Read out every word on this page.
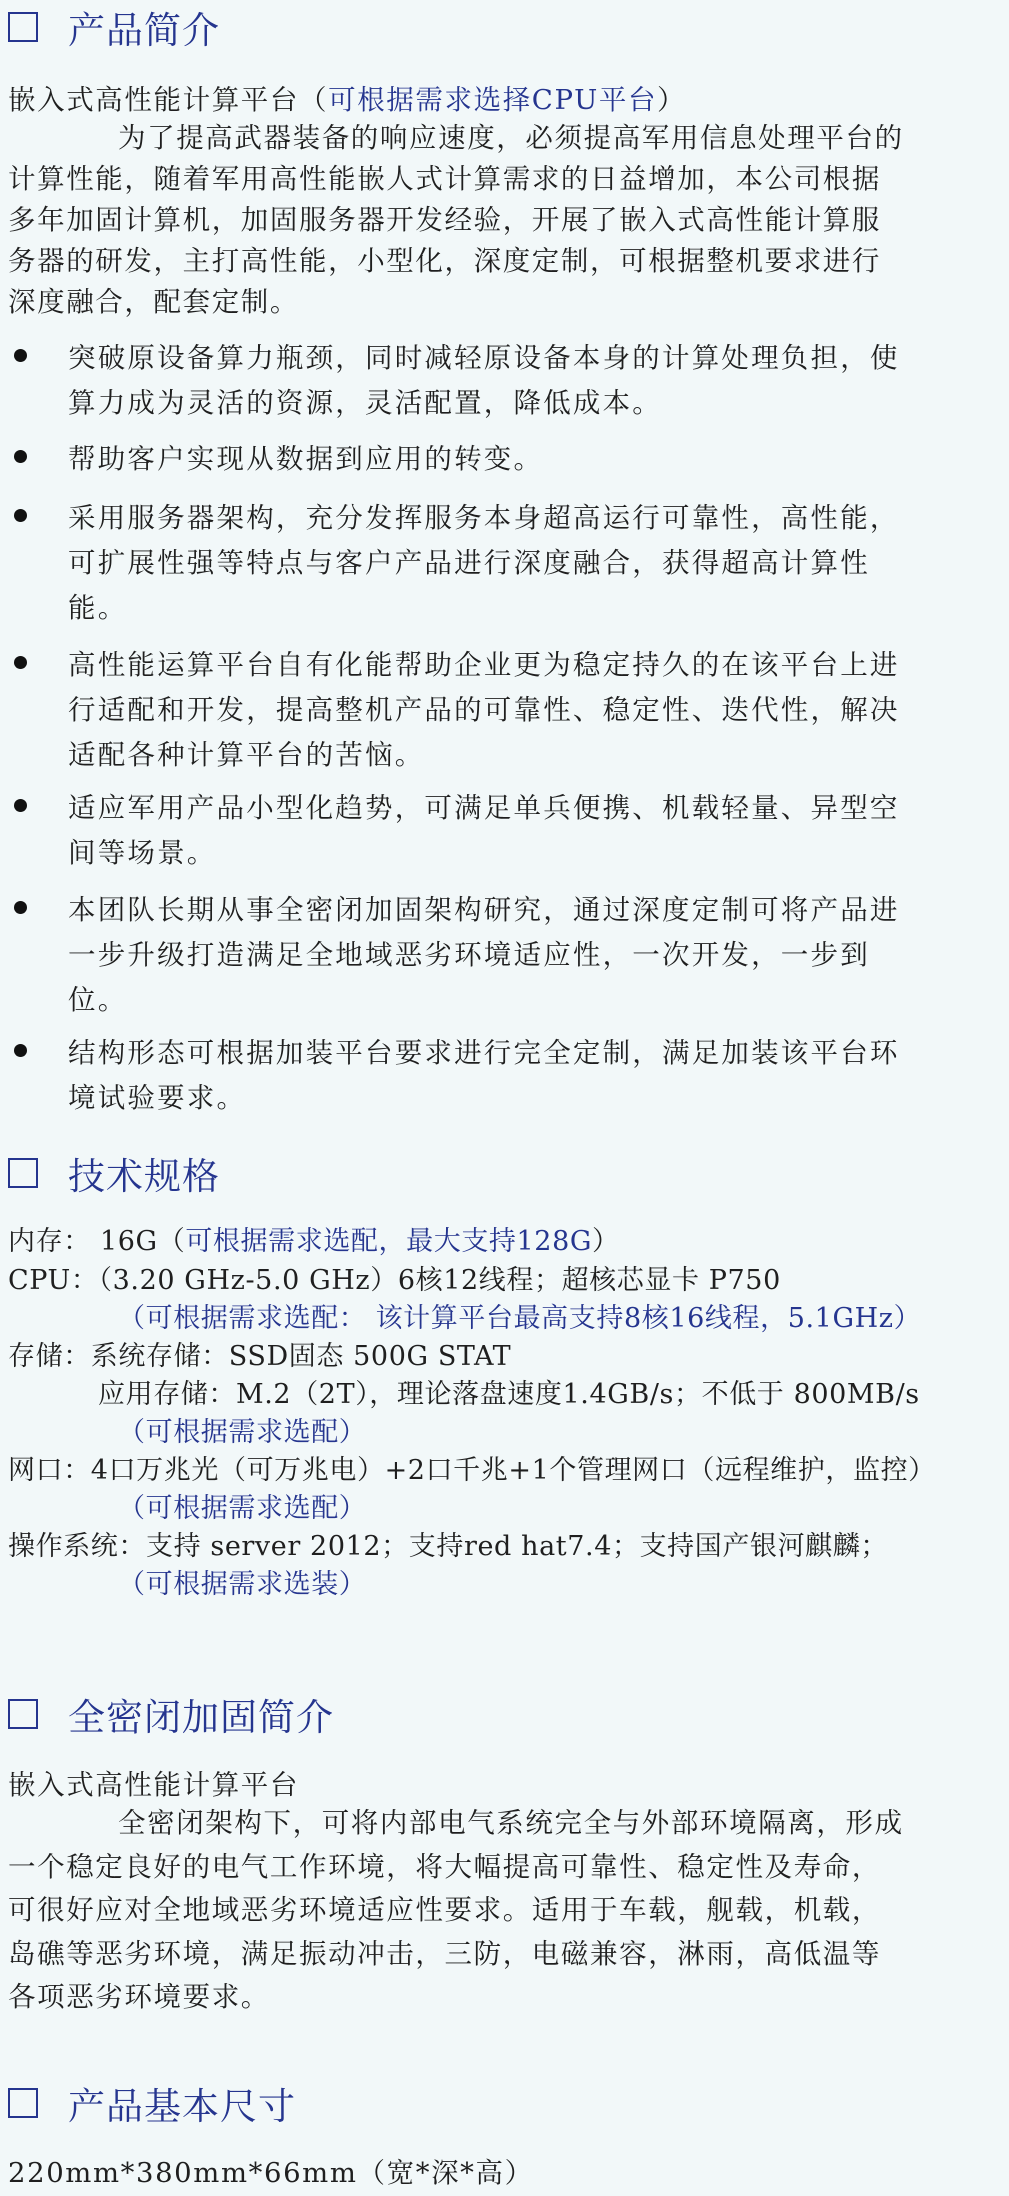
产品简介
嵌入式高性能计算平台（可根据需求选择CPU平台）
为了提高武器装备的响应速度，必须提高军用信息处理平台的
计算性能，随着军用高性能嵌人式计算需求的日益增加，本公司根据
多年加固计算机，加固服务器开发经验，开展了嵌入式高性能计算服
务器的研发，主打高性能，小型化，深度定制，可根据整机要求进行
深度融合，配套定制。
突破原设备算力瓶颈，同时减轻原设备本身的计算处理负担，使
算力成为灵活的资源，灵活配置，降低成本。
帮助客户实现从数据到应用的转变。
采用服务器架构，充分发挥服务本身超高运行可靠性，高性能，
可扩展性强等特点与客户产品进行深度融合，获得超高计算性
能。
高性能运算平台自有化能帮助企业更为稳定持久的在该平台上进
行适配和开发，提高整机产品的可靠性、稳定性、迭代性，解决
适配各种计算平台的苦恼。
适应军用产品小型化趋势，可满足单兵便携、机载轻量、异型空
间等场景。
本团队长期从事全密闭加固架构研究，通过深度定制可将产品进
一步升级打造满足全地域恶劣环境适应性，一次开发，一步到
位。
结构形态可根据加装平台要求进行完全定制，满足加装该平台环
境试验要求。
技术规格
内存： 16G（可根据需求选配，最大支持128G）
CPU：（3.20 GHz-5.0 GHz）6核12线程；超核芯显卡 P750
（可根据需求选配： 该计算平台最高支持8核16线程，5.1GHz）
存储：系统存储：SSD固态 500G STAT
应用存储：M.2（2T），理论落盘速度1.4GB/s；不低于 800MB/s
（可根据需求选配）
网口：4口万兆光（可万兆电）+2口千兆+1个管理网口（远程维护，监控）
（可根据需求选配）
操作系统：支持 server 2012；支持red hat7.4；支持国产银河麒麟；
（可根据需求选装）
全密闭加固简介
嵌入式高性能计算平台
全密闭架构下，可将内部电气系统完全与外部环境隔离，形成
一个稳定良好的电气工作环境，将大幅提高可靠性、稳定性及寿命，
可很好应对全地域恶劣环境适应性要求。适用于车载，舰载，机载，
岛礁等恶劣环境，满足振动冲击，三防，电磁兼容，淋雨，高低温等
各项恶劣环境要求。
产品基本尺寸
220mm*380mm*66mm（宽*深*高）
